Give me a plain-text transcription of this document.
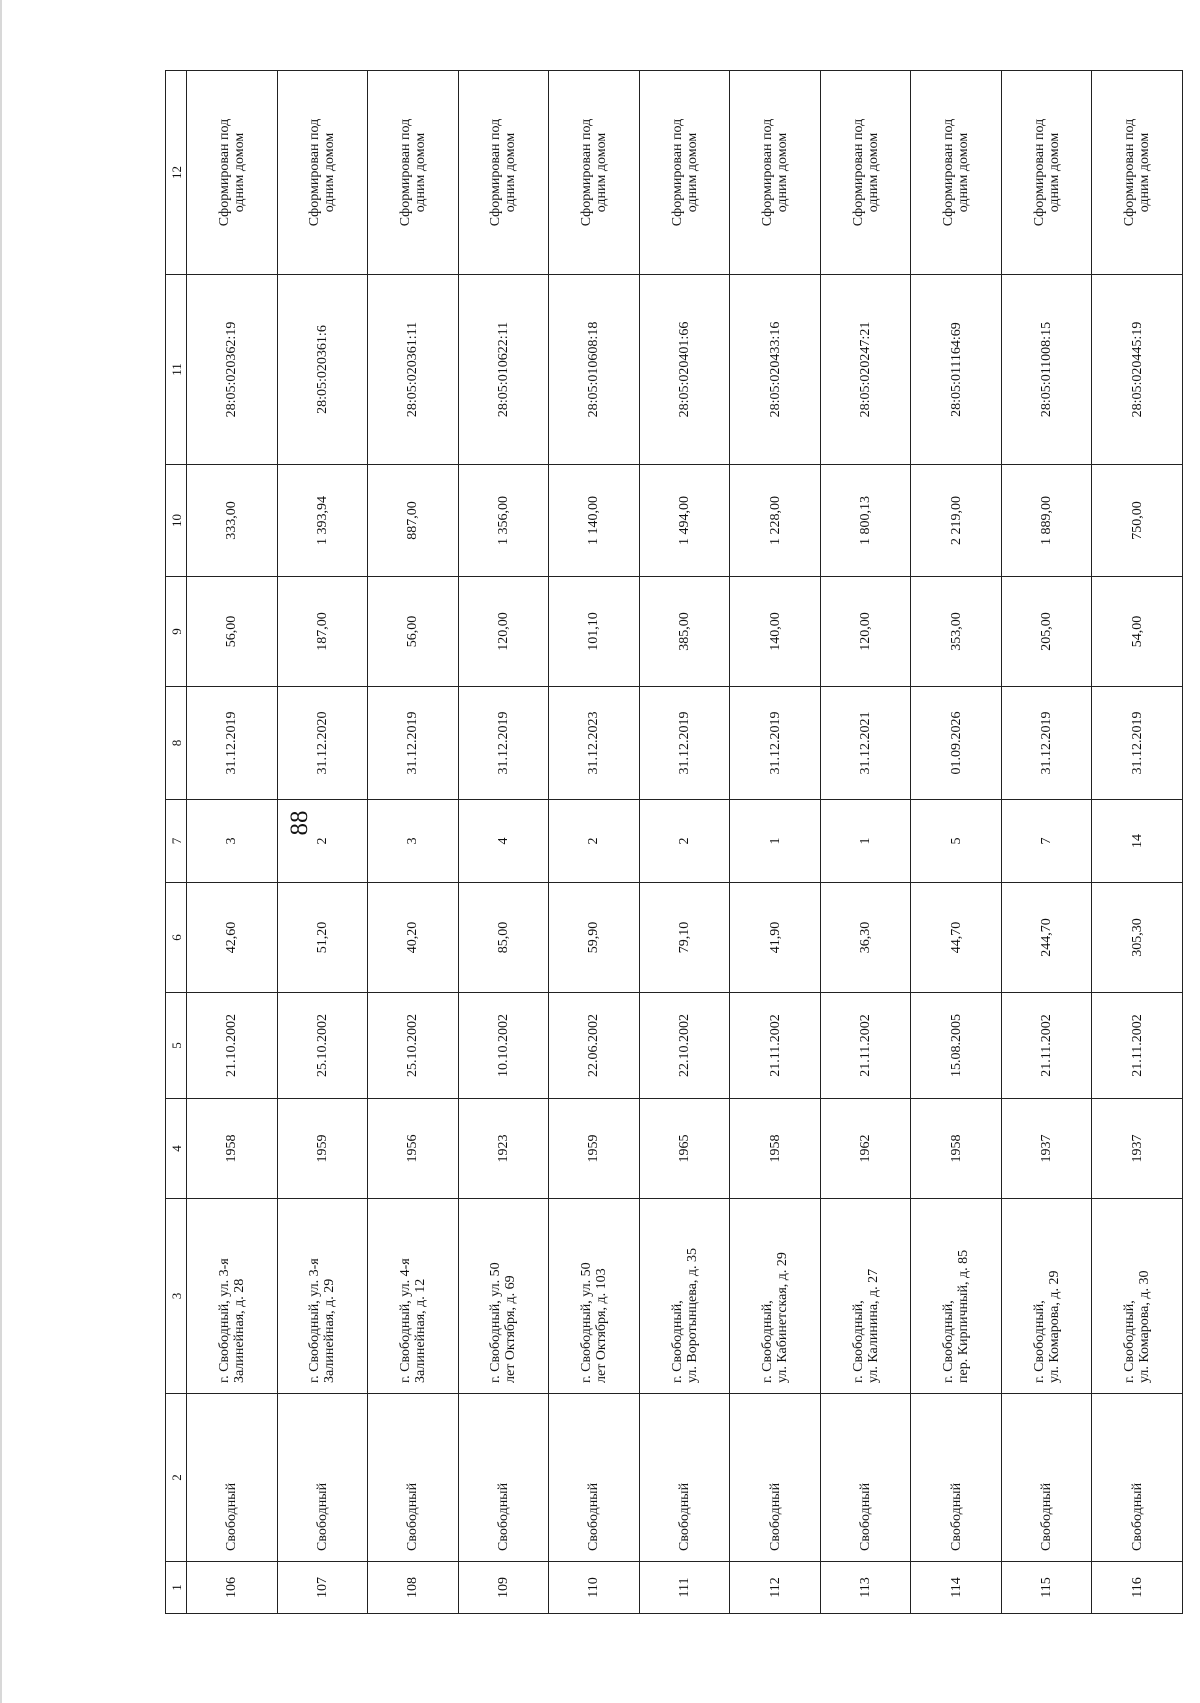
88
1
2
3
4
5
6
7
8
9
10
11
12
106
Свободный
г. Свободный, ул. 3-я
Залинейная, д. 28
1958
21.10.2002
42,60
3
31.12.2019
56,00
333,00
28:05:020362:19
Сформирован под
одним домом
107
Свободный
г. Свободный, ул. 3-я
Залинейная, д. 29
1959
25.10.2002
51,20
2
31.12.2020
187,00
1 393,94
28:05:020361:6
Сформирован под
одним домом
108
Свободный
г. Свободный, ул. 4-я
Залинейная, д. 12
1956
25.10.2002
40,20
3
31.12.2019
56,00
887,00
28:05:020361:11
Сформирован под
одним домом
109
Свободный
г. Свободный, ул. 50
лет Октября, д. 69
1923
10.10.2002
85,00
4
31.12.2019
120,00
1 356,00
28:05:010622:11
Сформирован под
одним домом
110
Свободный
г. Свободный, ул. 50
лет Октября, д. 103
1959
22.06.2002
59,90
2
31.12.2023
101,10
1 140,00
28:05:010608:18
Сформирован под
одним домом
111
Свободный
г. Свободный,
ул. Воротынцева, д. 35
1965
22.10.2002
79,10
2
31.12.2019
385,00
1 494,00
28:05:020401:66
Сформирован под
одним домом
112
Свободный
г. Свободный,
ул. Кабинетская, д. 29
1958
21.11.2002
41,90
1
31.12.2019
140,00
1 228,00
28:05:020433:16
Сформирован под
одним домом
113
Свободный
г. Свободный,
ул. Калинина, д. 27
1962
21.11.2002
36,30
1
31.12.2021
120,00
1 800,13
28:05:020247:21
Сформирован под
одним домом
114
Свободный
г. Свободный,
пер. Кирпичный, д. 85
1958
15.08.2005
44,70
5
01.09.2026
353,00
2 219,00
28:05:011164:69
Сформирован под
одним домом
115
Свободный
г. Свободный,
ул. Комарова, д. 29
1937
21.11.2002
244,70
7
31.12.2019
205,00
1 889,00
28:05:011008:15
Сформирован под
одним домом
116
Свободный
г. Свободный,
ул. Комарова, д. 30
1937
21.11.2002
305,30
14
31.12.2019
54,00
750,00
28:05:020445:19
Сформирован под
одним домом
